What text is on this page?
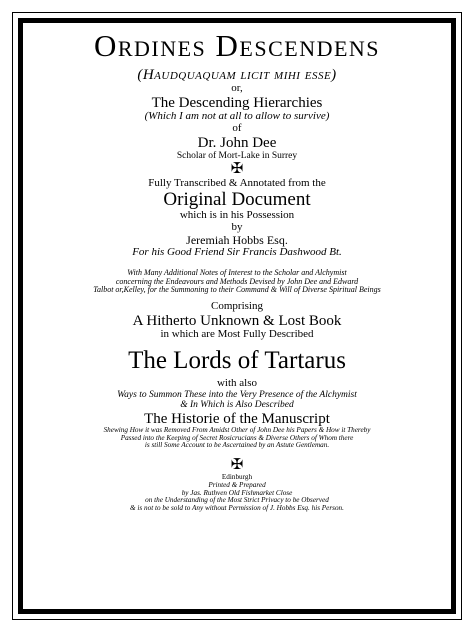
Ordines Descendens

(Haudquaquam licit mihi esse)

or,

The Descending Hierarchies

(Which I am not at all to allow to survive)

of

Dr. John Dee

Scholar of Mort-Lake in Surrey

✠

Fully Transcribed & Annotated from the

Original Document

which is in his Possession

by

Jeremiah Hobbs Esq.

For his Good Friend Sir Francis Dashwood Bt.

With Many Additional Notes of Interest to the Scholar and Alchymist

concerning the Endeavours and Methods Devised by John Dee and Edward

Talbot or,Kelley, for the Summoning to their Command & Will of Diverse Spiritual Beings

Comprising

A Hitherto Unknown & Lost Book

in which are Most Fully Described

The Lords of Tartarus

with also

Ways to Summon These into the Very Presence of the Alchymist

& In Which is Also Described

The Historie of the Manuscript

Shewing How it was Removed From Amidst Other of John Dee his Papers & How it Thereby

Passed into the Keeping of Secret Rosicrucians & Diverse Others of Whom there

is still Some Account to be Ascertained by an Astute Gentleman.

✠

Edinburgh

Printed & Prepared

by Jas. Ruthven Old Fishmarket Close

on the Understanding of the Most Strict Privacy to be Observed

& is not to be sold to Any without Permission of J. Hobbs Esq. his Person.
